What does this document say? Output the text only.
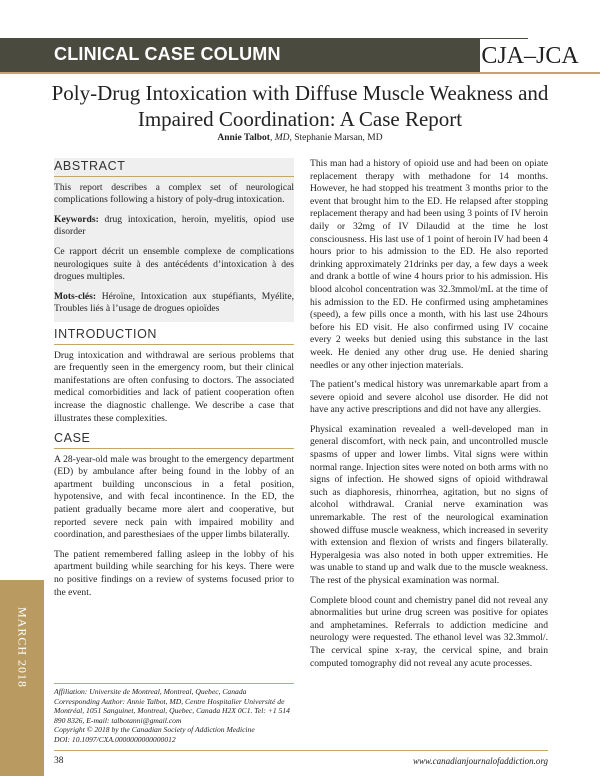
CLINICAL CASE COLUMN	CJA–JCA
Poly-Drug Intoxication with Diffuse Muscle Weakness and Impaired Coordination: A Case Report
Annie Talbot, MD, Stephanie Marsan, MD
MARCH 2018
ABSTRACT

This report describes a complex set of neurological complications following a history of poly-drug intoxication.

Keywords: drug intoxication, heroin, myelitis, opiod use disorder

Ce rapport décrit un ensemble complexe de complications neurologiques suite à des antécédents d’intoxication à des drogues multiples.

Mots-clés: Héroïne, Intoxication aux stupéfiants, Myélite, Troubles liés à l’usage de drogues opioïdes

INTRODUCTION

Drug intoxication and withdrawal are serious problems that are frequently seen in the emergency room, but their clinical manifestations are often confusing to doctors. The associated medical comorbidities and lack of patient cooperation often increase the diagnostic challenge. We describe a case that illustrates these complexities.

CASE

A 28-year-old male was brought to the emergency department (ED) by ambulance after being found in the lobby of an apartment building unconscious in a fetal position, hypotensive, and with fecal incontinence. In the ED, the patient gradually became more alert and cooperative, but reported severe neck pain with impaired mobility and coordination, and paresthesiaes of the upper limbs bilaterally.

The patient remembered falling asleep in the lobby of his apartment building while searching for his keys. There were no positive findings on a review of systems focused prior to the event.

This man had a history of opioid use and had been on opiate replacement therapy with methadone for 14 months. However, he had stopped his treatment 3 months prior to the event that brought him to the ED. He relapsed after stopping replacement therapy and had been using 3 points of IV heroin daily or 32mg of IV Dilaudid at the time he lost consciousness. His last use of 1 point of heroin IV had been 4 hours prior to his admission to the ED. He also reported drinking approximately 21drinks per day, a few days a week and drank a bottle of wine 4 hours prior to his admission. His blood alcohol concentration was 32.3mmol/mL at the time of his admission to the ED. He confirmed using amphetamines (speed), a few pills once a month, with his last use 24hours before his ED visit. He also confirmed using IV cocaine every 2 weeks but denied using this substance in the last week. He denied any other drug use. He denied sharing needles or any other injection materials.

The patient’s medical history was unremarkable apart from a severe opioid and severe alcohol use disorder. He did not have any active prescriptions and did not have any allergies.

Physical examination revealed a well-developed man in general discomfort, with neck pain, and uncontrolled muscle spasms of upper and lower limbs. Vital signs were within normal range. Injection sites were noted on both arms with no signs of infection. He showed signs of opioid withdrawal such as diaphoresis, rhinorrhea, agitation, but no signs of alcohol withdrawal. Cranial nerve examination was unremarkable. The rest of the neurological examination showed diffuse muscle weakness, which increased in severity with extension and flexion of wrists and fingers bilaterally. Hyperalgesia was also noted in both upper extremities. He was unable to stand up and walk due to the muscle weakness. The rest of the physical examination was normal.

Complete blood count and chemistry panel did not reveal any abnormalities but urine drug screen was positive for opiates and amphetamines. Referrals to addiction medicine and neurology were requested. The ethanol level was 32.3mmol/. The cervical spine x-ray, the cervical spine, and brain computed tomography did not reveal any acute processes.

Affiliation: Universite de Montreal, Montreal, Quebec, Canada
Corresponding Author: Annie Talbot, MD, Centre Hospitalier Université de Montréal, 1051 Sanguinet, Montreal, Quebec, Canada H2X 0C1. Tel: +1 514 890 8326, E-mail: talbotanni@gmail.com
Copyright © 2018 by the Canadian Society of Addiction Medicine
DOI: 10.1097/CXA.0000000000000012
38	www.canadianjournalofaddiction.org
